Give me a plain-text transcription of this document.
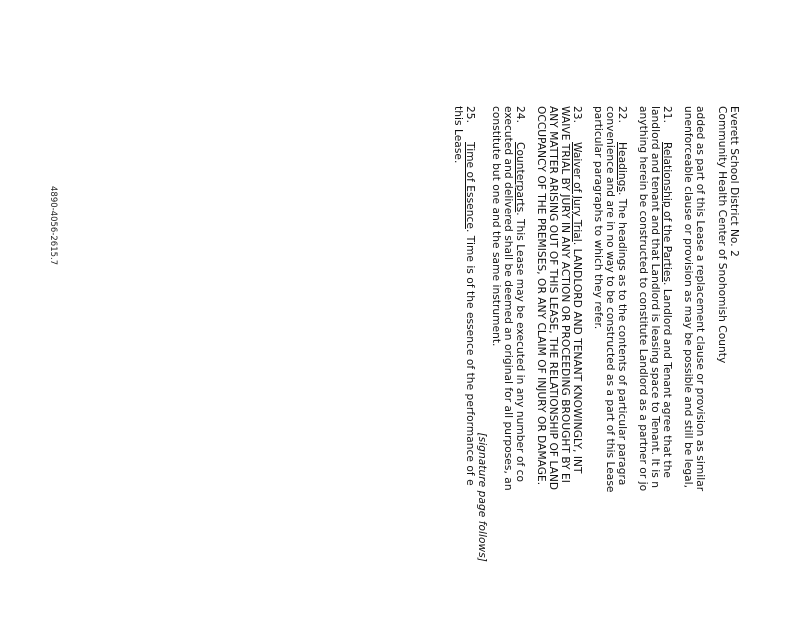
Everett School District No. 2

Community Health Center of Snohomish County

added as part of this Lease a replacement clause or provision as similar
unenforceable clause or provision as may be possible and still be legal,
21.Relationship of the Parties. Landlord and Tenant agree that the
landlord and tenant and that Landlord is leasing space to Tenant. It is n
anything herein be constructed to constitute Landlord as a partner or jo
22.Headings. The headings as to the contents of particular paragra
convenience and are in no way to be constructed as a part of this Lease
particular paragraphs to which they refer.
23.Waiver of Jury Trial. LANDLORD AND TENANT KNOWINGLY, INT
WAIVE TRIAL BY JURY IN ANY ACTION OR PROCEEDING BROUGHT BY EI
ANY MATTER ARISING OUT OF THIS LEASE, THE RELATIONSHIP OF LAND
OCCUPANCY OF THE PREMISES, OR ANY CLAIM OF INJURY OR DAMAGE.
24.Counterparts. This Lease may be executed in any number of co
executed and delivered shall be deemed an original for all purposes, an
constitute but one and the same instrument.
[signature page follows]
25.Time of Essence. Time is of the essence of the performance of e
this Lease.
4890-4056-2615.7
